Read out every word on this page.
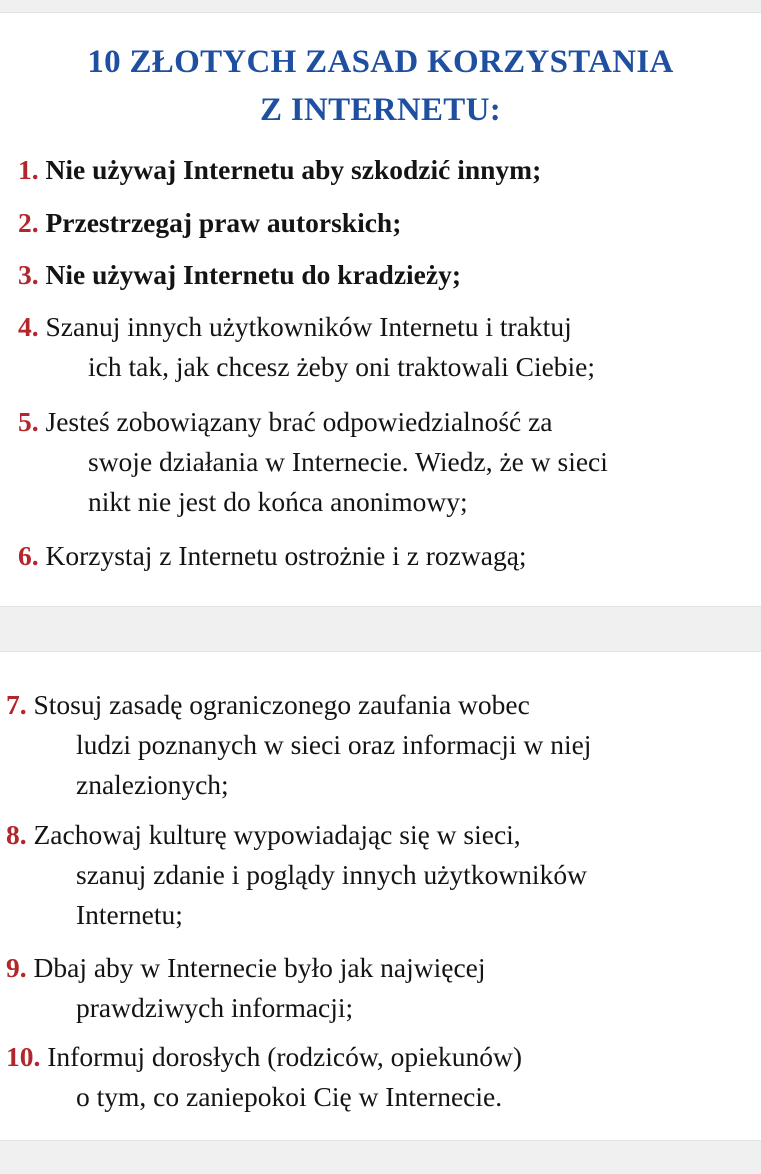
10 ZŁOTYCH ZASAD KORZYSTANIA
Z INTERNETU:

1. Nie używaj Internetu aby szkodzić innym;

2. Przestrzegaj praw autorskich;

3. Nie używaj Internetu do kradzieży;

4. Szanuj innych użytkowników Internetu i traktuj
ich tak, jak chcesz żeby oni traktowali Ciebie;

5. Jesteś zobowiązany brać odpowiedzialność za
swoje działania w Internecie. Wiedz, że w sieci
nikt nie jest do końca anonimowy;

6. Korzystaj z Internetu ostrożnie i z rozwagą;

7. Stosuj zasadę ograniczonego zaufania wobec
ludzi poznanych w sieci oraz informacji w niej
znalezionych;

8. Zachowaj kulturę wypowiadając się w sieci,
szanuj zdanie i poglądy innych użytkowników
Internetu;

9. Dbaj aby w Internecie było jak najwięcej
prawdziwych informacji;

10. Informuj dorosłych (rodziców, opiekunów)
o tym, co zaniepokoi Cię w Internecie.
